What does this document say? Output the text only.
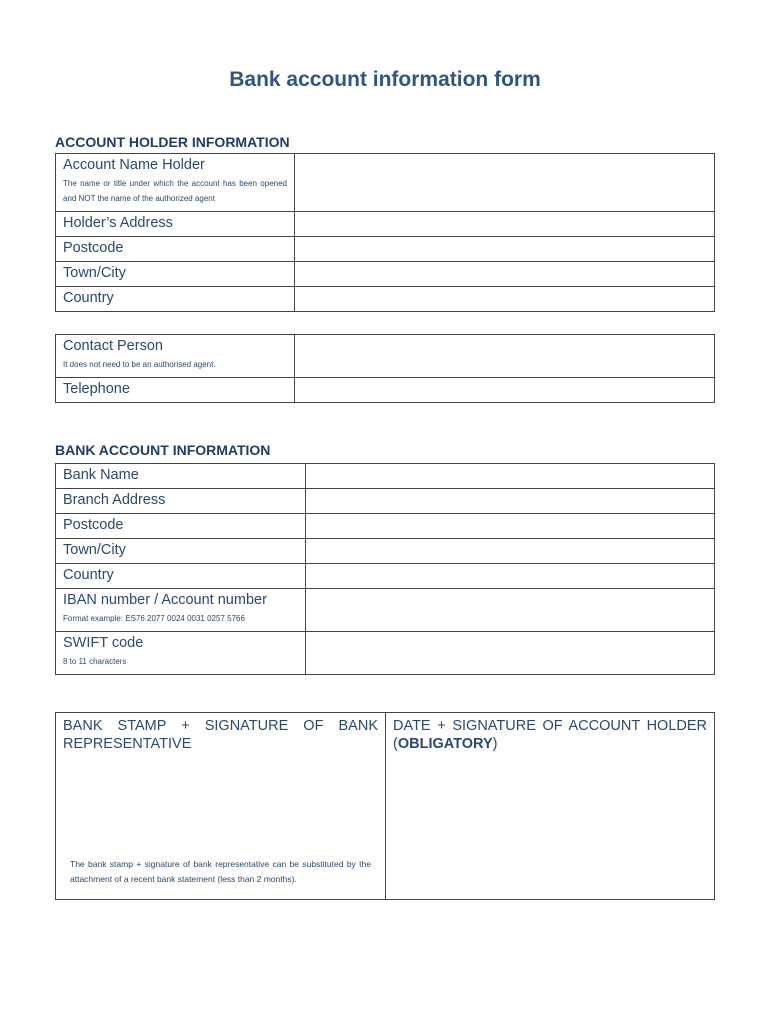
Bank account information form
ACCOUNT HOLDER INFORMATION
Account Name Holder
The name or title under which the account has been opened and NOT the name of the authorized agent	

Holder’s Address	
Postcode	
Town/City	
Country	
Contact Person
It does not need to be an authorised agent.	

Telephone	
BANK ACCOUNT INFORMATION
Bank Name	
Branch Address	
Postcode	
Town/City	
Country	
IBAN number / Account number
Format example: ES76 2077 0024 0031 0257 5766	

SWIFT code
8 to 11 characters	

BANK STAMP + SIGNATURE OF BANK REPRESENTATIVE
The bank stamp + signature of bank representative can be substituted by the attachment of a recent bank statement (less than 2 months).

DATE + SIGNATURE OF ACCOUNT HOLDER (OBLIGATORY)
